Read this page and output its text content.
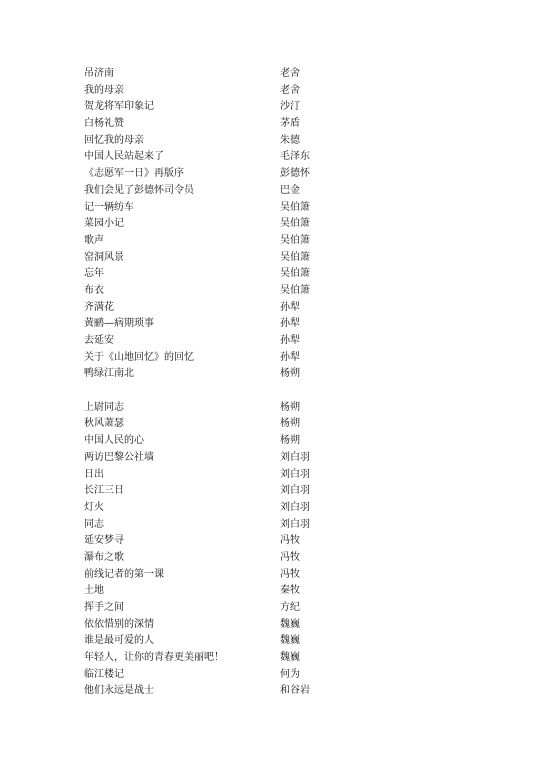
吊济南	老舍
我的母亲	老舍
贺龙将军印象记	沙汀
白杨礼赞	茅盾
回忆我的母亲	朱德
中国人民站起来了	毛泽东
《志愿军一日》再版序	彭德怀
我们会见了彭德怀司令员	巴金
记一辆纺车	吴伯箫
菜园小记	吴伯箫
歌声	吴伯箫
窑洞风景	吴伯箫
忘年	吴伯箫
布衣	吴伯箫
齐满花	孙犁
黄鹂—病期琐事	孙犁
去延安	孙犁
关于《山地回忆》的回忆	孙犁
鸭绿江南北	杨朔
上尉同志	杨朔
秋风萧瑟	杨朔
中国人民的心	杨朔
两访巴黎公社墙	刘白羽
日出	刘白羽
长江三日	刘白羽
灯火	刘白羽
同志	刘白羽
延安梦寻	冯牧
瀑布之歌	冯牧
前线记者的第一课	冯牧
土地	秦牧
挥手之间	方纪
依依惜别的深情	魏巍
谁是最可爱的人	魏巍
年轻人，让你的青春更美丽吧！	魏巍
临江楼记	何为
他们永远是战士	和谷岩
